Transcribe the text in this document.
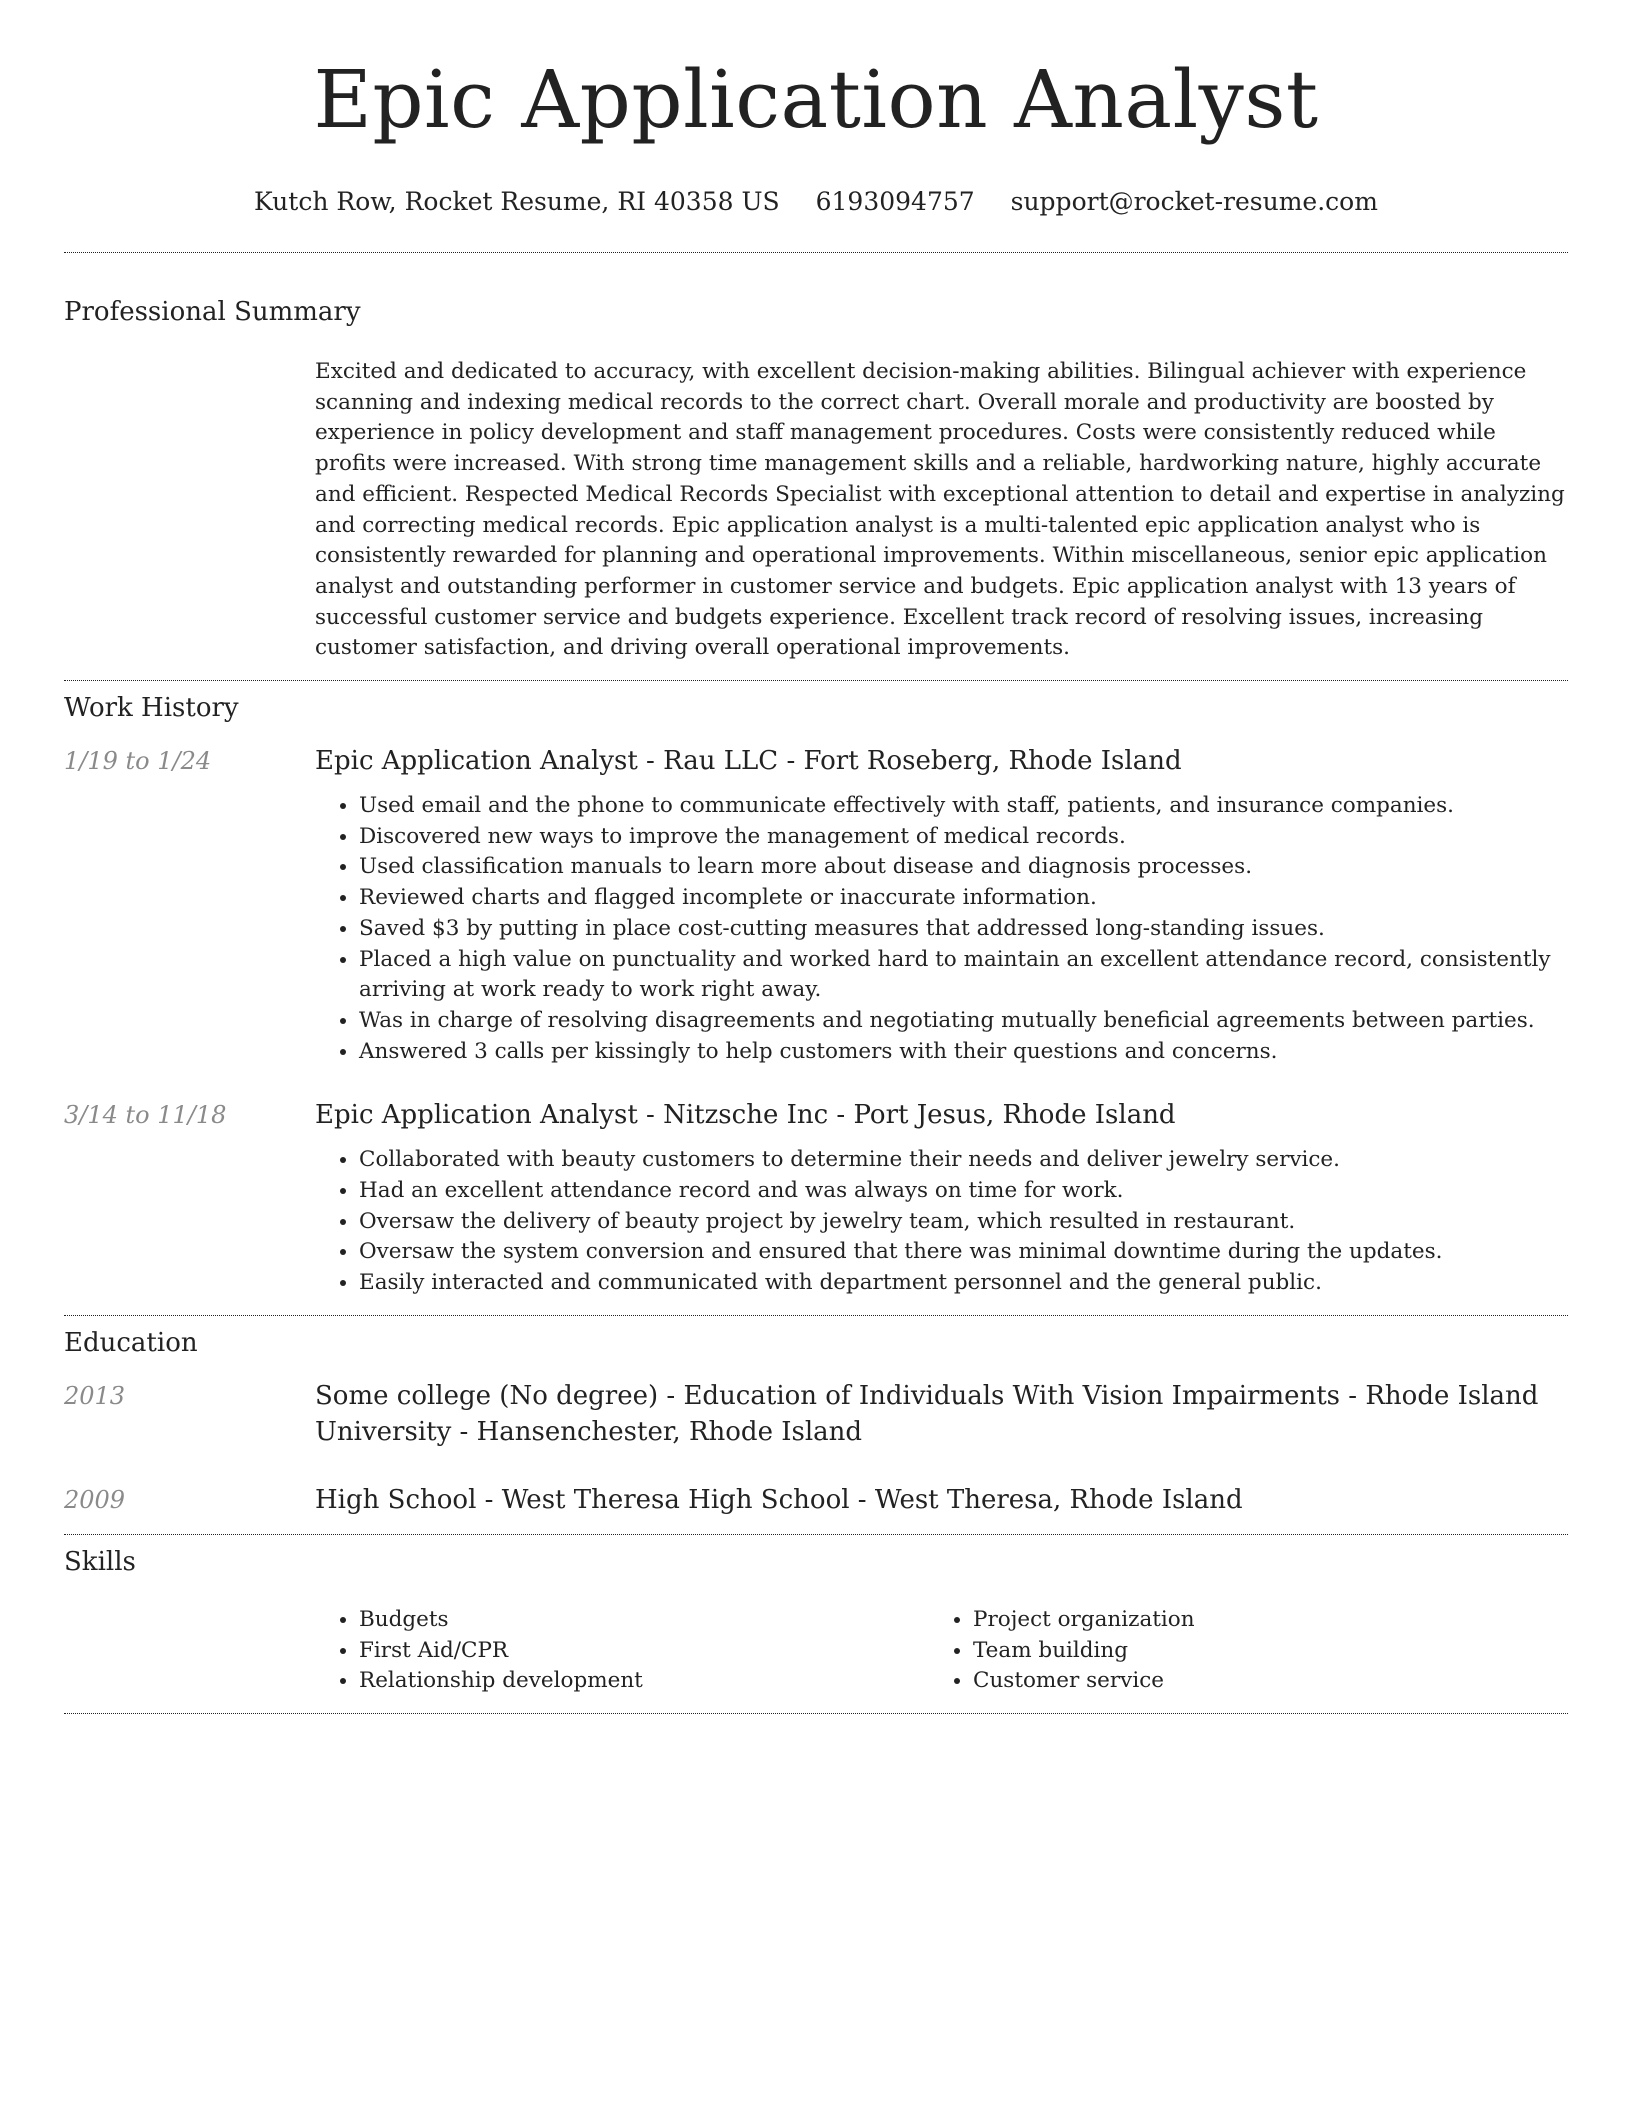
Epic Application Analyst
Kutch Row, Rocket Resume, RI 40358 US 6193094757 support@rocket-resume.com
Professional Summary
Excited and dedicated to accuracy, with excellent decision-making abilities. Bilingual achiever with experience scanning and indexing medical records to the correct chart. Overall morale and productivity are boosted by experience in policy development and staff management procedures. Costs were consistently reduced while profits were increased. With strong time management skills and a reliable, hardworking nature, highly accurate and efficient. Respected Medical Records Specialist with exceptional attention to detail and expertise in analyzing and correcting medical records. Epic application analyst is a multi-talented epic application analyst who is consistently rewarded for planning and operational improvements. Within miscellaneous, senior epic application analyst and outstanding performer in customer service and budgets. Epic application analyst with 13 years of successful customer service and budgets experience. Excellent track record of resolving issues, increasing customer satisfaction, and driving overall operational improvements.
Work History
1/19 to 1/24	Epic Application Analyst - Rau LLC - Fort Roseberg, Rhode Island
• Used email and the phone to communicate effectively with staff, patients, and insurance companies.
• Discovered new ways to improve the management of medical records.
• Used classification manuals to learn more about disease and diagnosis processes.
• Reviewed charts and flagged incomplete or inaccurate information.
• Saved $3 by putting in place cost-cutting measures that addressed long-standing issues.
• Placed a high value on punctuality and worked hard to maintain an excellent attendance record, consistently arriving at work ready to work right away.
• Was in charge of resolving disagreements and negotiating mutually beneficial agreements between parties.
• Answered 3 calls per kissingly to help customers with their questions and concerns.
3/14 to 11/18	Epic Application Analyst - Nitzsche Inc - Port Jesus, Rhode Island
• Collaborated with beauty customers to determine their needs and deliver jewelry service.
• Had an excellent attendance record and was always on time for work.
• Oversaw the delivery of beauty project by jewelry team, which resulted in restaurant.
• Oversaw the system conversion and ensured that there was minimal downtime during the updates.
• Easily interacted and communicated with department personnel and the general public.
Education
2013	Some college (No degree) - Education of Individuals With Vision Impairments - Rhode Island University - Hansenchester, Rhode Island
2009	High School - West Theresa High School - West Theresa, Rhode Island
Skills
• Budgets
• First Aid/CPR
• Relationship development
• Project organization
• Team building
• Customer service
